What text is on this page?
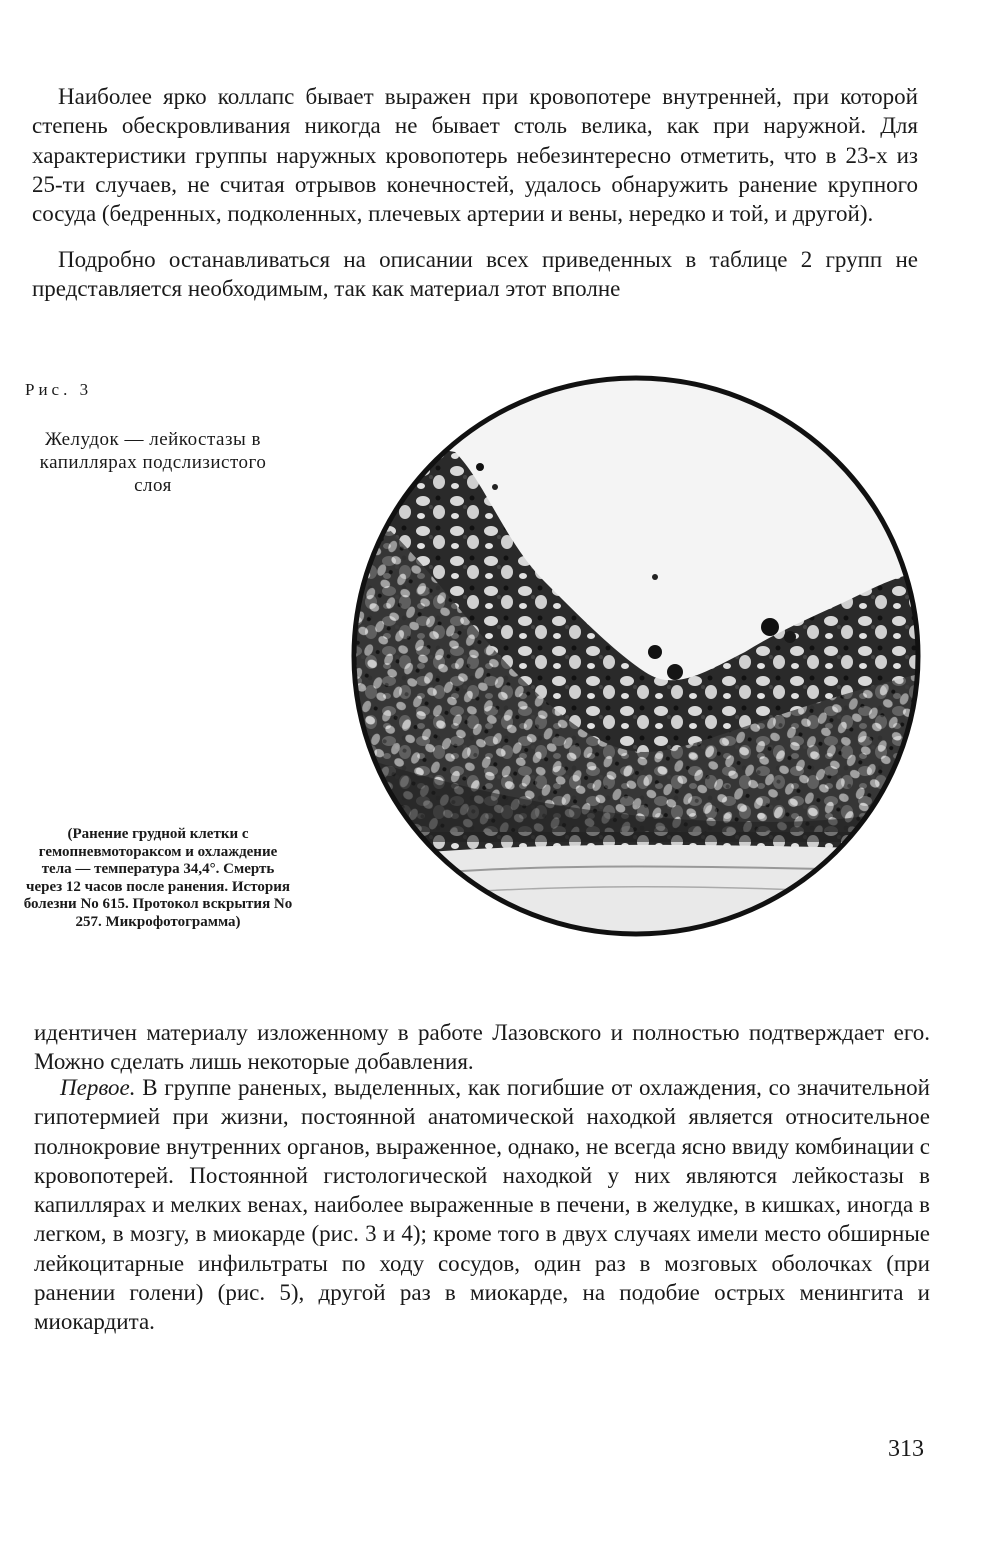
Наиболее ярко коллапс бывает выражен при кровопотере внутренней, при которой степень обескровливания никогда не бывает столь велика, как при наружной. Для характеристики группы наружных кровопотерь небезинтересно отметить, что в 23-х из 25-ти случаев, не считая отрывов конечностей, удалось обнаружить ранение крупного сосуда (бедренных, подколенных, плечевых артерии и вены, нередко и той, и другой).

Подробно останавливаться на описании всех приведенных в таблице 2 групп не представляется необходимым, так как материал этот вполне

Рис. 3

Желудок — лейкостазы в капиллярах подслизистого слоя

(Ранение грудной клетки с гемопневмотораксом и охлаждение тела — температура 34,4°. Смерть через 12 часов после ранения. История болезни No 615. Протокол вскрытия No 257. Микрофотограмма)

идентичен материалу изложенному в работе Лазовского и полностью подтверждает его. Можно сделать лишь некоторые добавления.

Первое. В группе раненых, выделенных, как погибшие от охлаждения, со значительной гипотермией при жизни, постоянной анатомической находкой является относительное полнокровие внутренних органов, выраженное, однако, не всегда ясно ввиду комбинации с кровопотерей. Постоянной гистологической находкой у них являются лейкостазы в капиллярах и мелких венах, наиболее выраженные в печени, в желудке, в кишках, иногда в легком, в мозгу, в миокарде (рис. 3 и 4); кроме того в двух случаях имели место обширные лейкоцитарные инфильтраты по ходу сосудов, один раз в мозговых оболочках (при ранении голени) (рис. 5), другой раз в миокарде, на подобие острых менингита и миокардита.

313
